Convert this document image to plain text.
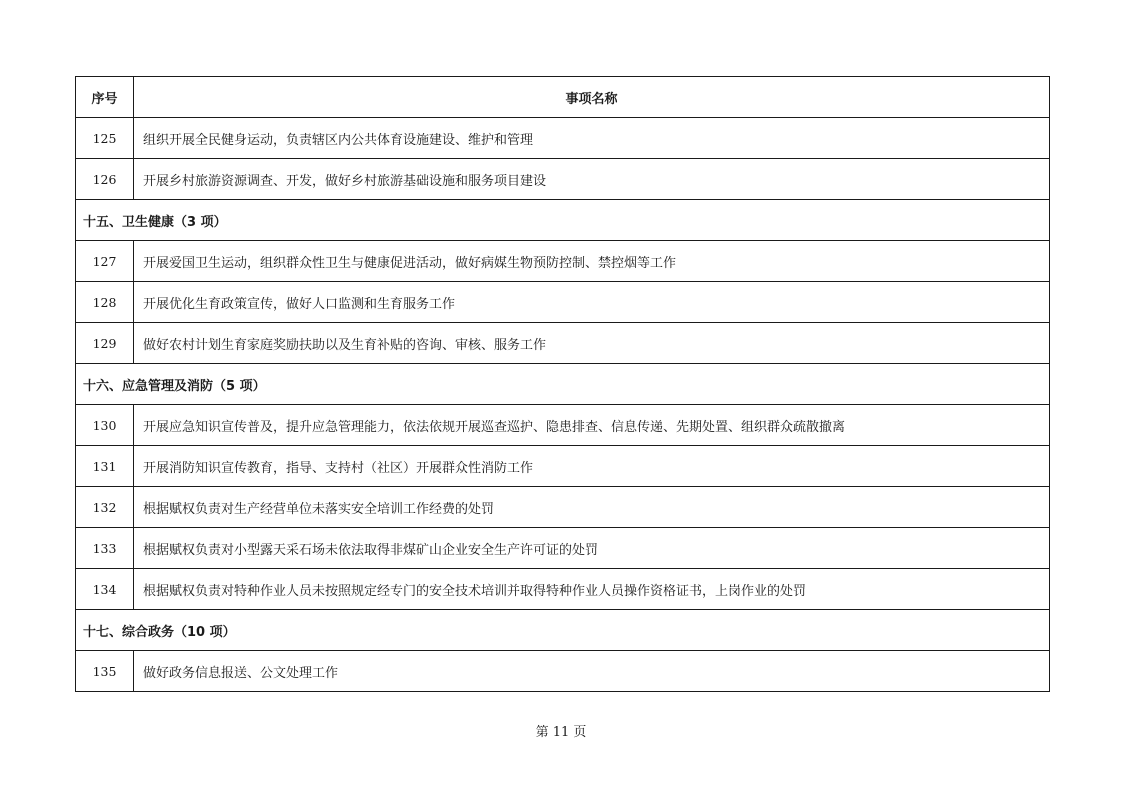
序号	事项名称
125	组织开展全民健身运动，负责辖区内公共体育设施建设、维护和管理
126	开展乡村旅游资源调查、开发，做好乡村旅游基础设施和服务项目建设
十五、卫生健康（3 项）	
127	开展爱国卫生运动，组织群众性卫生与健康促进活动，做好病媒生物预防控制、禁控烟等工作
128	开展优化生育政策宣传，做好人口监测和生育服务工作
129	做好农村计划生育家庭奖励扶助以及生育补贴的咨询、审核、服务工作
十六、应急管理及消防（5 项）	
130	开展应急知识宣传普及，提升应急管理能力，依法依规开展巡查巡护、隐患排查、信息传递、先期处置、组织群众疏散撤离
131	开展消防知识宣传教育，指导、支持村（社区）开展群众性消防工作
132	根据赋权负责对生产经营单位未落实安全培训工作经费的处罚
133	根据赋权负责对小型露天采石场未依法取得非煤矿山企业安全生产许可证的处罚
134	根据赋权负责对特种作业人员未按照规定经专门的安全技术培训并取得特种作业人员操作资格证书，上岗作业的处罚
十七、综合政务（10 项）	
135	做好政务信息报送、公文处理工作
第 11 页
